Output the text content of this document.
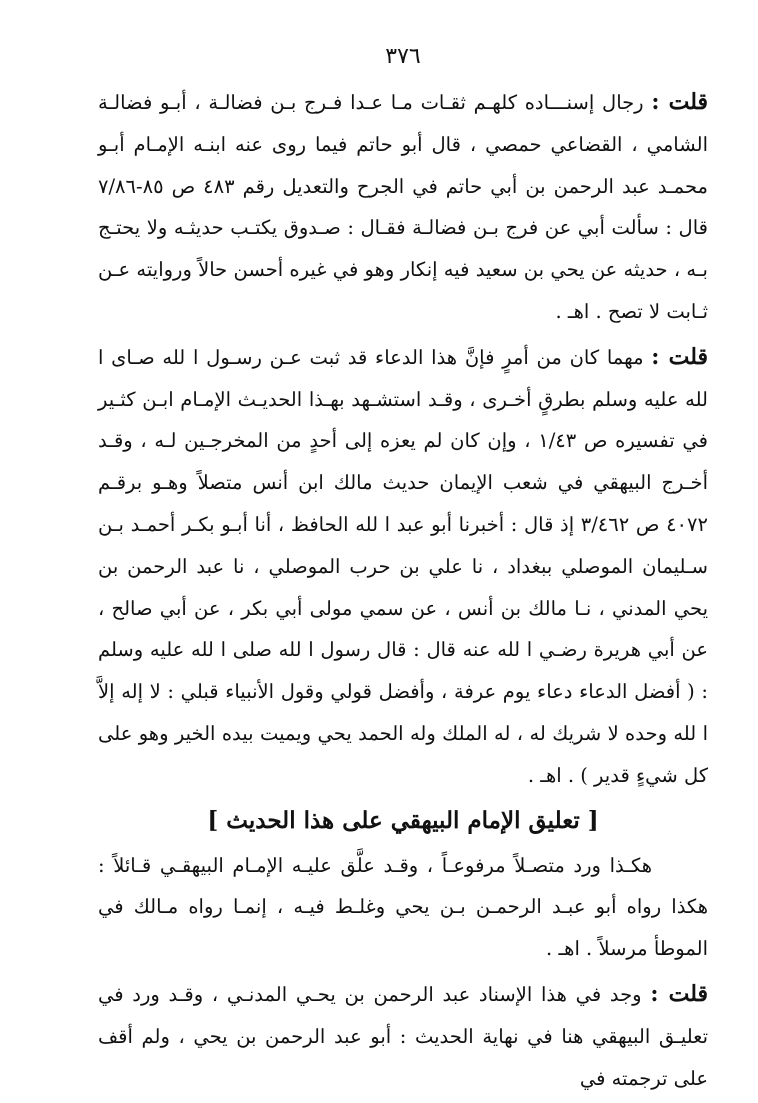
٣٧٦

قلت : رجال إسنـــاده كلهـم ثقـات مـا عـدا فـرج بـن فضالـة ، أبـو فضالـة الشامي ، القضاعي حمصي ، قال أبو حاتم فيما روى عنه ابنـه الإمـام أبـو محمـد عبد الرحمن بن أبي حاتم في الجرح والتعديل رقم ٤٨٣ ص ٨٥-٧/٨٦ قال : سألت أبي عن فرج بـن فضالـة فقـال : صـدوق يكتـب حديثـه ولا يحتـج بـه ، حديثه عن يحي بن سعيد فيه إنكار وهو في غيره أحسن حالاً وروايته عـن ثـابت لا تصح . اهـ .

قلت : مهما كان من أمرٍ فإنَّ هذا الدعاء قد ثبت عـن رسـول ا لله صـاى ا لله عليه وسلم بطرقٍ أخـرى ، وقـد استشـهد بهـذا الحديـث الإمـام ابـن كثـير في تفسيره ص ١/٤٣ ، وإن كان لم يعزه إلى أحدٍ من المخرجـين لـه ، وقـد أخـرج البيهقي في شعب الإيمان حديث مالك ابن أنس متصلاً وهـو برقـم ٤٠٧٢ ص ٣/٤٦٢ إذ قال : أخبرنا أبو عبد ا لله الحافظ ، أنا أبـو بكـر أحمـد بـن سـليمان الموصلي ببغداد ، نا علي بن حرب الموصلي ، نا عبد الرحمن بن يحي المدني ، نـا مالك بن أنس ، عن سمي مولى أبي بكر ، عن أبي صالح ، عن أبي هريرة رضـي ا لله عنه قال : قال رسول ا لله صلى ا لله عليه وسلم : ( أفضل الدعاء دعاء يوم عرفة ، وأفضل قولي وقول الأنبياء قبلي : لا إله إلاَّ ا لله وحده لا شريك له ، له الملك وله الحمد يحي ويميت بيده الخير وهو على كل شيءٍ قدير ) . اهـ .

[ تعليق الإمام البيهقي على هذا الحديث ]

هكـذا ورد متصـلاً مرفوعـاً ، وقـد علَّق عليـه الإمـام البيهقـي قـائلاً : هكذا رواه أبو عبـد الرحمـن بـن يحي وغلـط فيـه ، إنمـا رواه مـالك في الموطأ مرسلاً . اهـ .

قلت : وجد في هذا الإسناد عبد الرحمن بن يحـي المدنـي ، وقـد ورد في تعليـق البيهقي هنا في نهاية الحديث : أبو عبد الرحمن بن يحي ، ولم أقف على ترجمته في
